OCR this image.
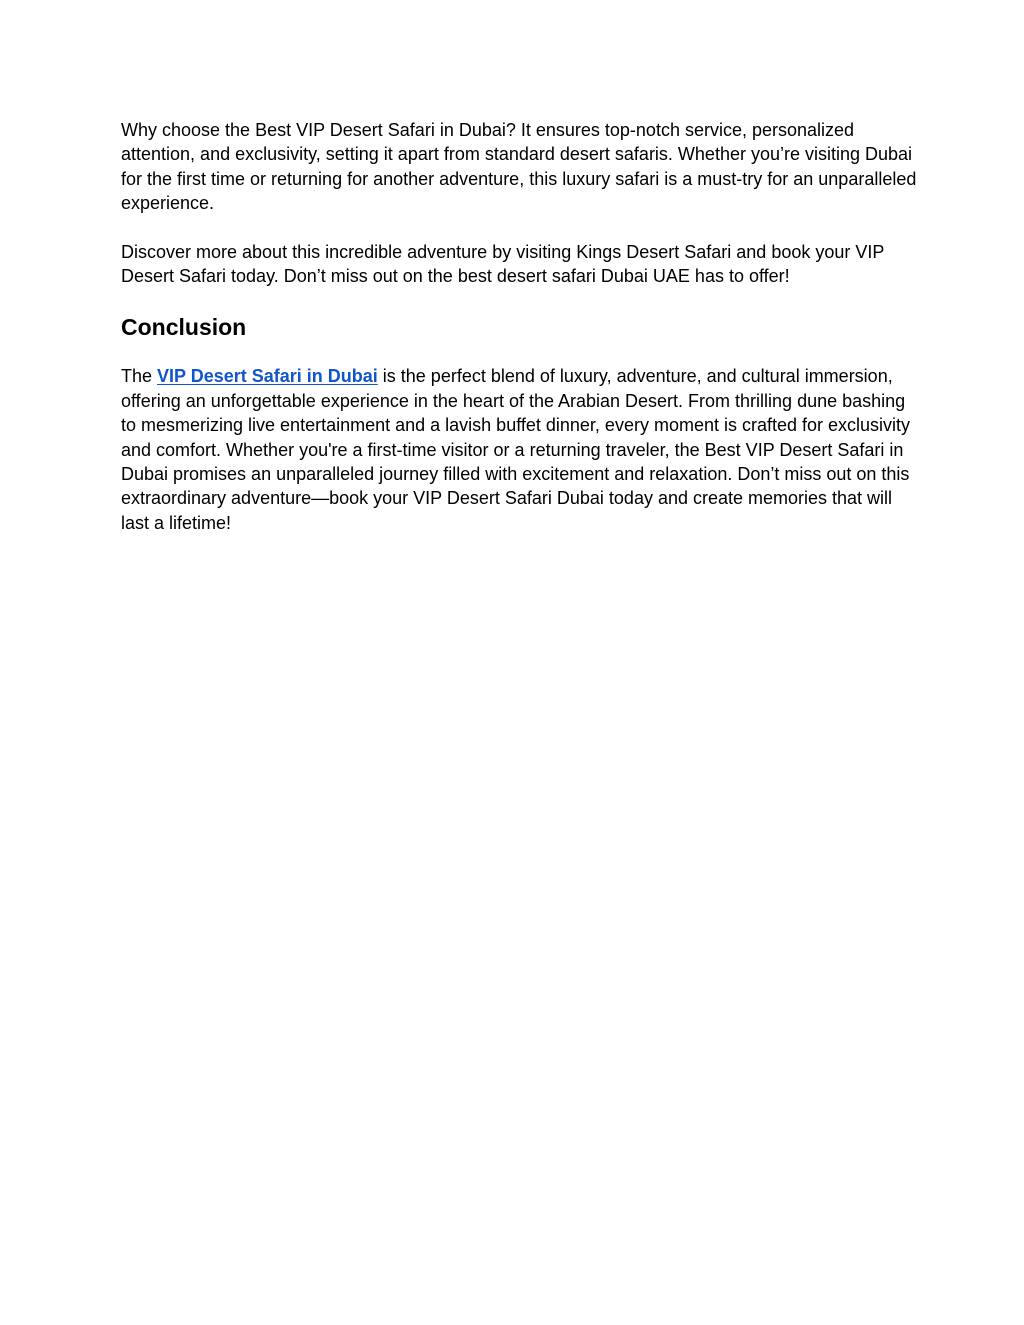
Why choose the Best VIP Desert Safari in Dubai? It ensures top-notch service, personalized attention, and exclusivity, setting it apart from standard desert safaris. Whether you’re visiting Dubai for the first time or returning for another adventure, this luxury safari is a must-try for an unparalleled experience.

Discover more about this incredible adventure by visiting Kings Desert Safari and book your VIP Desert Safari today. Don’t miss out on the best desert safari Dubai UAE has to offer!

Conclusion

The VIP Desert Safari in Dubai is the perfect blend of luxury, adventure, and cultural immersion, offering an unforgettable experience in the heart of the Arabian Desert. From thrilling dune bashing to mesmerizing live entertainment and a lavish buffet dinner, every moment is crafted for exclusivity and comfort. Whether you're a first-time visitor or a returning traveler, the Best VIP Desert Safari in Dubai promises an unparalleled journey filled with excitement and relaxation. Don’t miss out on this extraordinary adventure—book your VIP Desert Safari Dubai today and create memories that will last a lifetime!
